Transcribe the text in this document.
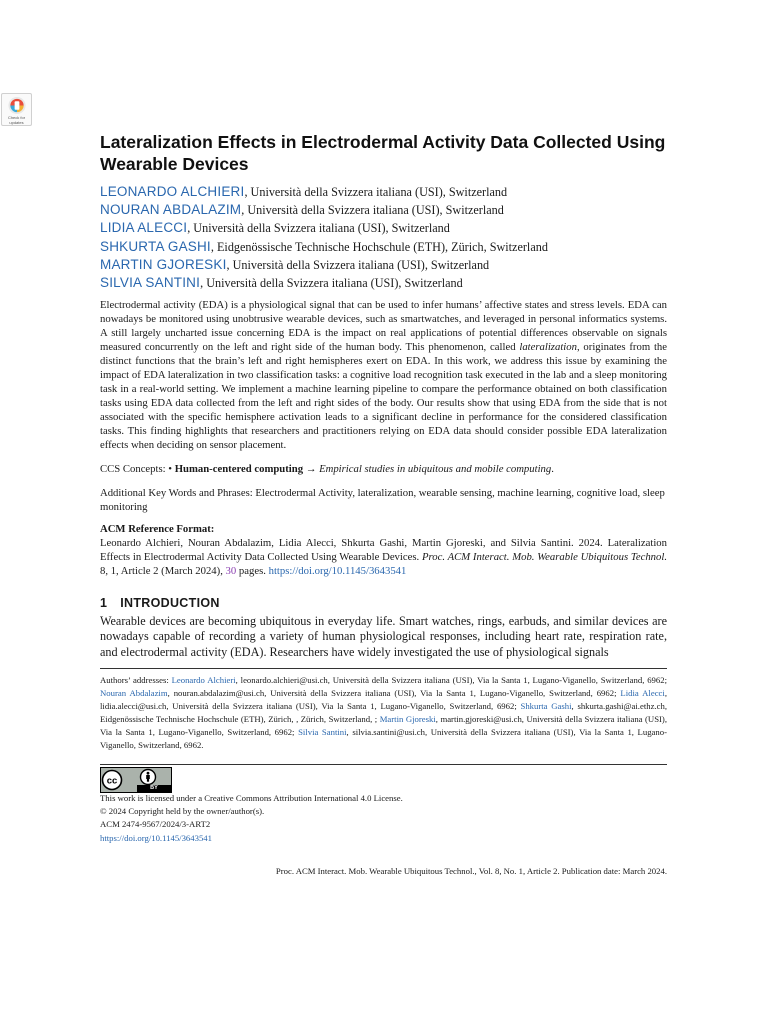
Check for
updates
Lateralization Effects in Electrodermal Activity Data Collected Using Wearable Devices
LEONARDO ALCHIERI, Università della Svizzera italiana (USI), Switzerland
NOURAN ABDALAZIM, Università della Svizzera italiana (USI), Switzerland
LIDIA ALECCI, Università della Svizzera italiana (USI), Switzerland
SHKURTA GASHI, Eidgenössische Technische Hochschule (ETH), Zürich, Switzerland
MARTIN GJORESKI, Università della Svizzera italiana (USI), Switzerland
SILVIA SANTINI, Università della Svizzera italiana (USI), Switzerland

Electrodermal activity (EDA) is a physiological signal that can be used to infer humans’ affective states and stress levels. EDA can nowadays be monitored using unobtrusive wearable devices, such as smartwatches, and leveraged in personal informatics systems. A still largely uncharted issue concerning EDA is the impact on real applications of potential differences observable on signals measured concurrently on the left and right side of the human body. This phenomenon, called lateralization, originates from the distinct functions that the brain’s left and right hemispheres exert on EDA. In this work, we address this issue by examining the impact of EDA lateralization in two classification tasks: a cognitive load recognition task executed in the lab and a sleep monitoring task in a real-world setting. We implement a machine learning pipeline to compare the performance obtained on both classification tasks using EDA data collected from the left and right sides of the body. Our results show that using EDA from the side that is not associated with the specific hemisphere activation leads to a significant decline in performance for the considered classification tasks. This finding highlights that researchers and practitioners relying on EDA data should consider possible EDA lateralization effects when deciding on sensor placement.

CCS Concepts: • Human-centered computing → Empirical studies in ubiquitous and mobile computing.

Additional Key Words and Phrases: Electrodermal Activity, lateralization, wearable sensing, machine learning, cognitive load, sleep monitoring

ACM Reference Format:

Leonardo Alchieri, Nouran Abdalazim, Lidia Alecci, Shkurta Gashi, Martin Gjoreski, and Silvia Santini. 2024. Lateralization Effects in Electrodermal Activity Data Collected Using Wearable Devices. Proc. ACM Interact. Mob. Wearable Ubiquitous Technol. 8, 1, Article 2 (March 2024), 30 pages. https://doi.org/10.1145/3643541

1 INTRODUCTION

Wearable devices are becoming ubiquitous in everyday life. Smart watches, rings, earbuds, and similar devices are nowadays capable of recording a variety of human physiological responses, including heart rate, respiration rate, and electrodermal activity (EDA). Researchers have widely investigated the use of physiological signals

Authors’ addresses: Leonardo Alchieri, leonardo.alchieri@usi.ch, Università della Svizzera italiana (USI), Via la Santa 1, Lugano-Viganello, Switzerland, 6962; Nouran Abdalazim, nouran.abdalazim@usi.ch, Università della Svizzera italiana (USI), Via la Santa 1, Lugano-Viganello, Switzerland, 6962; Lidia Alecci, lidia.alecci@usi.ch, Università della Svizzera italiana (USI), Via la Santa 1, Lugano-Viganello, Switzerland, 6962; Shkurta Gashi, shkurta.gashi@ai.ethz.ch, Eidgenössische Technische Hochschule (ETH), Zürich, , Zürich, Switzerland, ; Martin Gjoreski, martin.gjoreski@usi.ch, Università della Svizzera italiana (USI), Via la Santa 1, Lugano-Viganello, Switzerland, 6962; Silvia Santini, silvia.santini@usi.ch, Università della Svizzera italiana (USI), Via la Santa 1, Lugano-Viganello, Switzerland, 6962.

cc
BY
This work is licensed under a Creative Commons Attribution International 4.0 License.
© 2024 Copyright held by the owner/author(s).
ACM 2474-9567/2024/3-ART2
https://doi.org/10.1145/3643541

Proc. ACM Interact. Mob. Wearable Ubiquitous Technol., Vol. 8, No. 1, Article 2. Publication date: March 2024.
